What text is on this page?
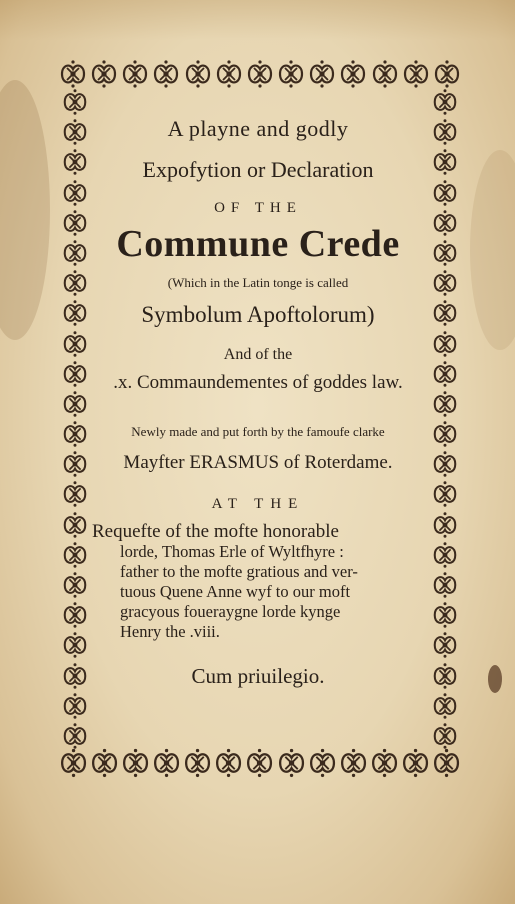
A playne and godly

Expofytion or Declaration

OF THE

Commune Crede

(Which in the Latin tonge is called

Symbolum Apoftolorum)

And of the

.x. Commaundementes of goddes law.

Newly made and put forth by the famoufe clarke

Mayfter ERASMUS of Roterdame.

AT THE

Requefte of the mofte honorable
lorde, Thomas Erle of Wyltfhyre :
father to the mofte gratious and ver-
tuous Quene Anne wyf to our moft
gracyous foueraygne lorde kynge
Henry the .viii.

Cum priuilegio.
